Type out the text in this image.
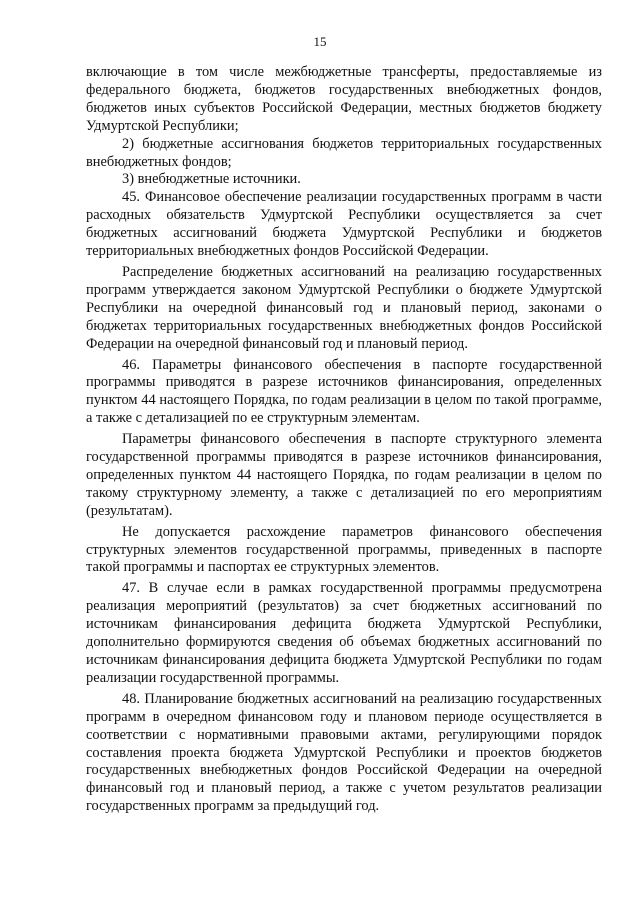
15

включающие в том числе межбюджетные трансферты, предоставляемые из федерального бюджета, бюджетов государственных внебюджетных фондов, бюджетов иных субъектов Российской Федерации, местных бюджетов бюджету Удмуртской Республики;

2) бюджетные ассигнования бюджетов территориальных государственных внебюджетных фондов;

3) внебюджетные источники.

45. Финансовое обеспечение реализации государственных программ в части расходных обязательств Удмуртской Республики осуществляется за счет бюджетных ассигнований бюджета Удмуртской Республики и бюджетов территориальных внебюджетных фондов Российской Федерации.

Распределение бюджетных ассигнований на реализацию государственных программ утверждается законом Удмуртской Республики о бюджете Удмуртской Республики на очередной финансовый год и плановый период, законами о бюджетах территориальных государственных внебюджетных фондов Российской Федерации на очередной финансовый год и плановый период.

46. Параметры финансового обеспечения в паспорте государственной программы приводятся в разрезе источников финансирования, определенных пунктом 44 настоящего Порядка, по годам реализации в целом по такой программе, а также с детализацией по ее структурным элементам.

Параметры финансового обеспечения в паспорте структурного элемента государственной программы приводятся в разрезе источников финансирования, определенных пунктом 44 настоящего Порядка, по годам реализации в целом по такому структурному элементу, а также с детализацией по его мероприятиям (результатам).

Не допускается расхождение параметров финансового обеспечения структурных элементов государственной программы, приведенных в паспорте такой программы и паспортах ее структурных элементов.

47. В случае если в рамках государственной программы предусмотрена реализация мероприятий (результатов) за счет бюджетных ассигнований по источникам финансирования дефицита бюджета Удмуртской Республики, дополнительно формируются сведения об объемах бюджетных ассигнований по источникам финансирования дефицита бюджета Удмуртской Республики по годам реализации государственной программы.

48. Планирование бюджетных ассигнований на реализацию государственных программ в очередном финансовом году и плановом периоде осуществляется в соответствии с нормативными правовыми актами, регулирующими порядок составления проекта бюджета Удмуртской Республики и проектов бюджетов государственных внебюджетных фондов Российской Федерации на очередной финансовый год и плановый период, а также с учетом результатов реализации государственных программ за предыдущий год.
